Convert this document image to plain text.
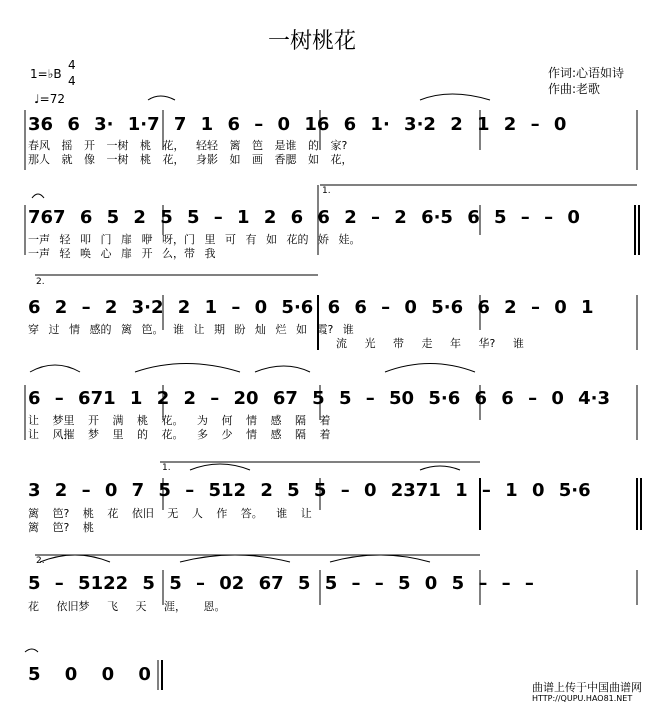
一树桃花
1=♭B
4
4
♩=72
作词:心语如诗
作曲:老歌
36 6 3· 1·7 7 1 6 – 0 16 6 1· 3·2 2 1 2 – 0
春风 摇 开 一树 桃 花， 轻轻 篱 笆 是谁 的 家?
那人 就 像 一树 桃 花， 身影 如 画 香腮 如 花，
1.
767 6 5 2 5 5 – 1 2 6 6 2 – 2 6·5 6 5 – – 0
一声 轻 叩 门 扉 咿 呀，门 里 可 有 如 花的 娇 娃。
一声 轻 唤 心 扉 开 么，带 我
2.
6 2 – 2 3·2 2 1 – 0 5·6 6 6 – 0 5·6 6 2 – 0 1
穿 过 情 感的 篱 笆。 谁 让 期 盼 灿 烂 如 霞? 谁
流 光 带 走 年 华? 谁
6 – 671 1 2 2 – 20 67 5 5 – 50 5·6 6 6 – 0 4·3
让 梦里 开 满 桃 花。 为 何 情 感 隔 着
让 风摧 梦 里 的 花。 多 少 情 感 隔 着
1.
3 2 – 0 7 5 – 512 2 5 5 – 0 2371 1 – 1 0 5·6
篱 笆? 桃 花 依旧 无 人 作 答。 谁 让
篱 笆? 桃
2.
5 – 5122 5 5 – 02 67 5 5 – – 5 0 5 – – –
花 依旧梦 飞 天 涯， 恩。
5 0 0 0
曲谱上传于中国曲谱网
HTTP://QUPU.HAO81.NET
